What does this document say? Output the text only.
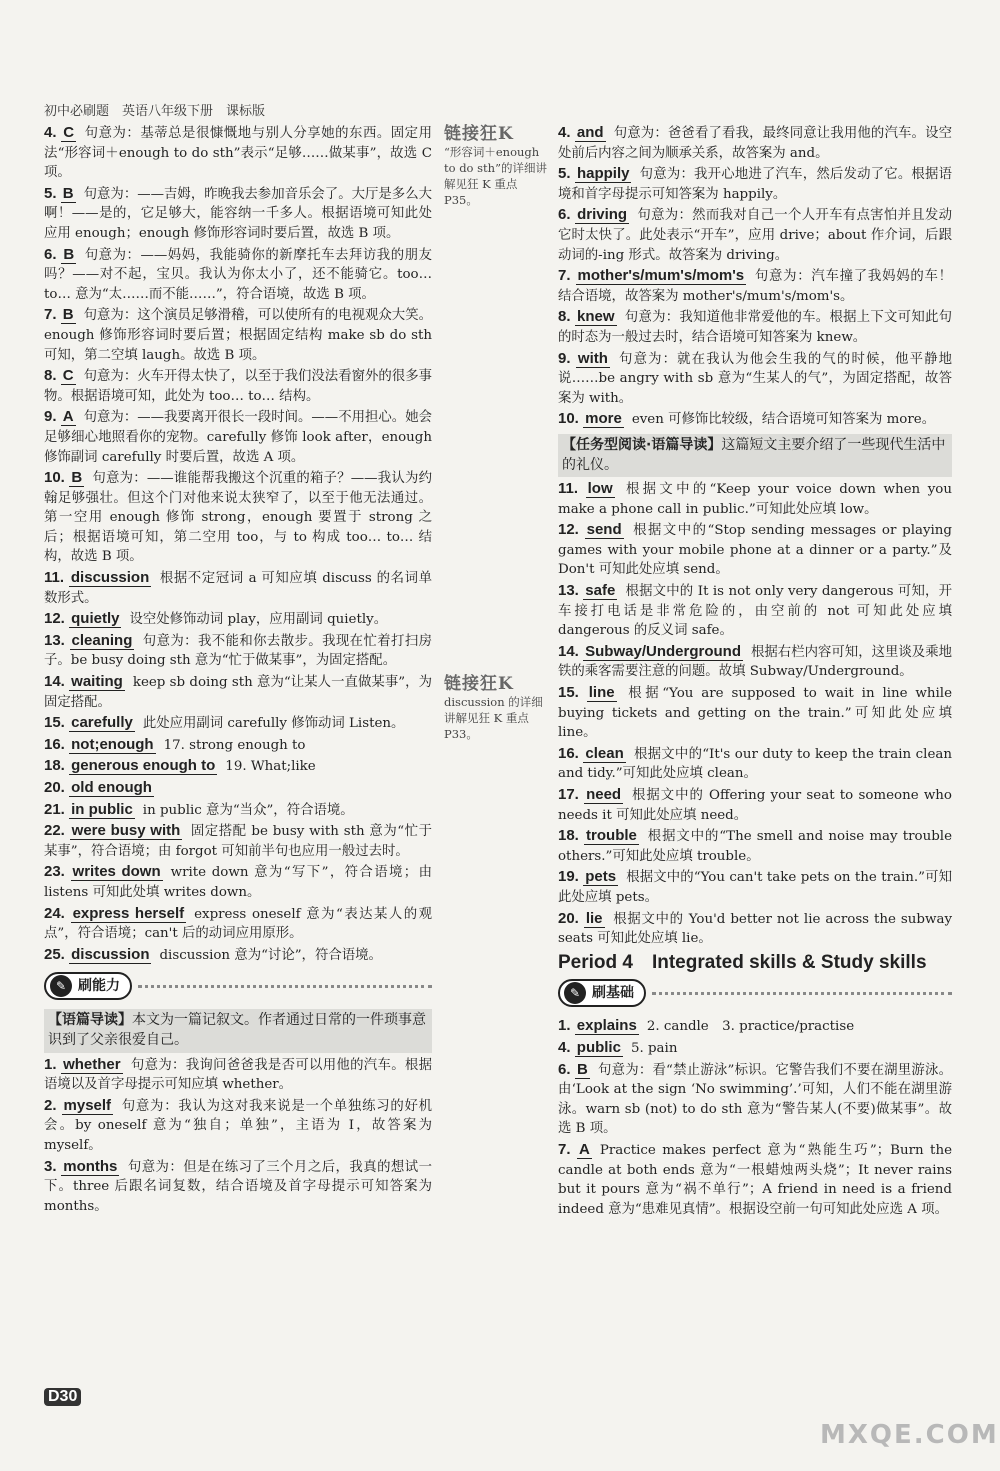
初中必刷题　英语八年级下册　课标版
4. C 句意为：基蒂总是很慷慨地与别人分享她的东西。固定用法“形容词＋enough to do sth”表示“足够……做某事”，故选 C 项。
5. B 句意为：——吉姆，昨晚我去参加音乐会了。大厅是多么大啊！——是的，它足够大，能容纳一千多人。根据语境可知此处应用 enough；enough 修饰形容词时要后置，故选 B 项。
6. B 句意为：——妈妈，我能骑你的新摩托车去拜访我的朋友吗？——对不起，宝贝。我认为你太小了，还不能骑它。too… to… 意为“太……而不能……”，符合语境，故选 B 项。
7. B 句意为：这个演员足够滑稽，可以使所有的电视观众大笑。enough 修饰形容词时要后置；根据固定结构 make sb do sth 可知，第二空填 laugh。故选 B 项。
8. C 句意为：火车开得太快了，以至于我们没法看窗外的很多事物。根据语境可知，此处为 too… to… 结构。
9. A 句意为：——我要离开很长一段时间。——不用担心。她会足够细心地照看你的宠物。carefully 修饰 look after，enough 修饰副词 carefully 时要后置，故选 A 项。
10. B 句意为：——谁能帮我搬这个沉重的箱子？——我认为约翰足够强壮。但这个门对他来说太狭窄了，以至于他无法通过。第一空用 enough 修饰 strong，enough 要置于 strong 之后；根据语境可知，第二空用 too，与 to 构成 too… to… 结构，故选 B 项。
11. discussion 根据不定冠词 a 可知应填 discuss 的名词单数形式。
12. quietly 设空处修饰动词 play，应用副词 quietly。
13. cleaning 句意为：我不能和你去散步。我现在忙着打扫房子。be busy doing sth 意为“忙于做某事”，为固定搭配。
14. waiting keep sb doing sth 意为“让某人一直做某事”，为固定搭配。
15. carefully 此处应用副词 carefully 修饰动词 Listen。
16. not;enough 17. strong enough to
18. generous enough to 19. What;like
20. old enough
21. in public in public 意为“当众”，符合语境。
22. were busy with 固定搭配 be busy with sth 意为“忙于某事”，符合语境；由 forgot 可知前半句也应用一般过去时。
23. writes down write down 意为“写下”，符合语境；由 listens 可知此处填 writes down。
24. express herself express oneself 意为“表达某人的观点”，符合语境；can't 后的动词应用原形。
25. discussion discussion 意为“讨论”，符合语境。
✎ 刷能力
【语篇导读】本文为一篇记叙文。作者通过日常的一件琐事意识到了父亲很爱自己。
1. whether 句意为：我询问爸爸我是否可以用他的汽车。根据语境以及首字母提示可知应填 whether。
2. myself 句意为：我认为这对我来说是一个单独练习的好机会。by oneself 意为“独自；单独”，主语为 I，故答案为 myself。
3. months 句意为：但是在练习了三个月之后，我真的想试一下。three 后跟名词复数，结合语境及首字母提示可知答案为 months。
链接狂K
“形容词＋enough to do sth”的详细讲解见狂 K 重点 P35。
链接狂K
discussion 的详细讲解见狂 K 重点 P33。
4. and 句意为：爸爸看了看我，最终同意让我用他的汽车。设空处前后内容之间为顺承关系，故答案为 and。
5. happily 句意为：我开心地进了汽车，然后发动了它。根据语境和首字母提示可知答案为 happily。
6. driving 句意为：然而我对自己一个人开车有点害怕并且发动它时太快了。此处表示“开车”，应用 drive；about 作介词，后跟动词的-ing 形式。故答案为 driving。
7. mother's/mum's/mom's 句意为：汽车撞了我妈妈的车！结合语境，故答案为 mother's/mum's/mom's。
8. knew 句意为：我知道他非常爱他的车。根据上下文可知此句的时态为一般过去时，结合语境可知答案为 knew。
9. with 句意为：就在我认为他会生我的气的时候，他平静地说……be angry with sb 意为“生某人的气”，为固定搭配，故答案为 with。
10. more even 可修饰比较级，结合语境可知答案为 more。
【任务型阅读·语篇导读】这篇短文主要介绍了一些现代生活中的礼仪。
11. low 根据文中的“Keep your voice down when you make a phone call in public.”可知此处应填 low。
12. send 根据文中的“Stop sending messages or playing games with your mobile phone at a dinner or a party.”及 Don't 可知此处应填 send。
13. safe 根据文中的 It is not only very dangerous 可知，开车接打电话是非常危险的，由空前的 not 可知此处应填 dangerous 的反义词 safe。
14. Subway/Underground 根据右栏内容可知，这里谈及乘地铁的乘客需要注意的问题。故填 Subway/Underground。
15. line 根据“You are supposed to wait in line while buying tickets and getting on the train.”可知此处应填 line。
16. clean 根据文中的“It's our duty to keep the train clean and tidy.”可知此处应填 clean。
17. need 根据文中的 Offering your seat to someone who needs it 可知此处应填 need。
18. trouble 根据文中的“The smell and noise may trouble others.”可知此处应填 trouble。
19. pets 根据文中的“You can't take pets on the train.”可知此处应填 pets。
20. lie 根据文中的 You'd better not lie across the subway seats 可知此处应填 lie。
Period 4　Integrated skills & Study skills
✎ 刷基础
1. explains 2. candle　3. practice/practise
4. public 5. pain
6. B 句意为：看“禁止游泳”标识。它警告我们不要在湖里游泳。由‘Look at the sign ‘No swimming’.’可知，人们不能在湖里游泳。warn sb (not) to do sth 意为“警告某人(不要)做某事”。故选 B 项。
7. A Practice makes perfect 意为“熟能生巧”；Burn the candle at both ends 意为“一根蜡烛两头烧”；It never rains but it pours 意为“祸不单行”；A friend in need is a friend indeed 意为“患难见真情”。根据设空前一句可知此处应选 A 项。
D30
MXQE.COM
